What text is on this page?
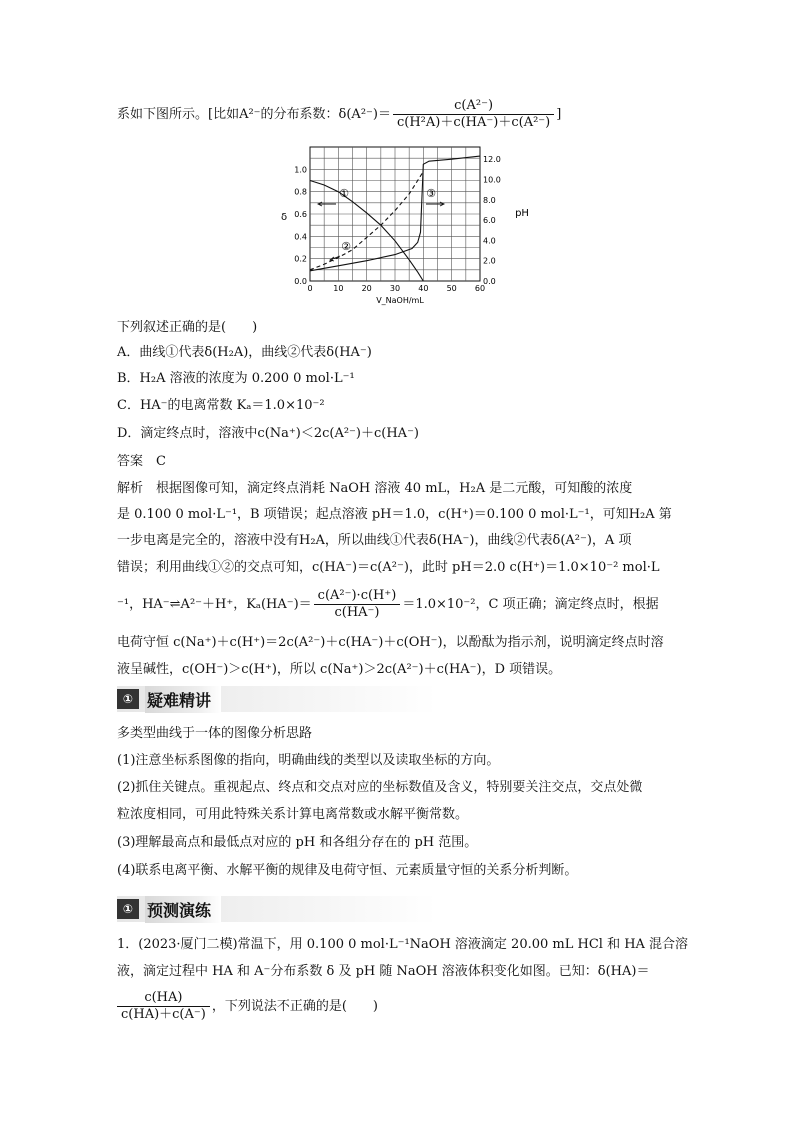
系如下图所示。[比如A²⁻的分布系数：$\delta(A^{2-})= \frac{\text{c(A²⁻)}}{\text{c(H²A)＋c(HA⁻)＋c(A²⁻)}}$ ]
0	10 20 30 40 50 60
0.0
0.2
0.4
0.6
0.8
1.0
0.0
2.0
4.0
6.0
8.0
10.0
12.0
δ	pH
V_NaOH/mL
①
②
③
下列叙述正确的是(　　)
A．曲线①代表δ(H₂A)，曲线②代表δ(HA⁻)
B．H₂A 溶液的浓度为 0.200 0 mol·L⁻¹
C．HA⁻的电离常数 Kₐ＝1.0×10⁻²
D．滴定终点时，溶液中c(Na⁺)＜2c(A²⁻)＋c(HA⁻)
答案　C
解析　根据图像可知，滴定终点消耗 NaOH 溶液 40 mL，H₂A 是二元酸，可知酸的浓度
是 0.100 0 mol·L⁻¹，B 项错误；起点溶液 pH＝1.0，c(H⁺)＝0.100 0 mol·L⁻¹，可知H₂A 第
一步电离是完全的，溶液中没有H₂A，所以曲线①代表δ(HA⁻)，曲线②代表δ(A²⁻)，A 项
错误；利用曲线①②的交点可知，c(HA⁻)＝c(A²⁻)，此时 pH＝2.0 c(H⁺)＝1.0×10⁻² mol·L
⁻¹，HA⁻⇌A²⁻＋H⁺，$K_a(HA^-)= \frac{\text{c(A²⁻)·c(H⁺)}}{c(HA^-)} =1.0\times 10^{-2}$，C 项正确；滴定终点时，根据
电荷守恒 c(Na⁺)＋c(H⁺)＝2c(A²⁻)＋c(HA⁻)＋c(OH⁻)，以酚酞为指示剂，说明滴定终点时溶
液呈碱性，c(OH⁻)＞c(H⁺)，所以 c(Na⁺)＞2c(A²⁻)＋c(HA⁻)，D 项错误。
① 疑难精讲
多类型曲线于一体的图像分析思路
(1)注意坐标系图像的指向，明确曲线的类型以及读取坐标的方向。
(2)抓住关键点。重视起点、终点和交点对应的坐标数值及含义，特别要关注交点，交点处微
粒浓度相同，可用此特殊关系计算电离常数或水解平衡常数。
(3)理解最高点和最低点对应的 pH 和各组分存在的 pH 范围。
(4)联系电离平衡、水解平衡的规律及电荷守恒、元素质量守恒的关系分析判断。
① 预测演练
1．(2023·厦门二模)常温下，用 0.100 0 mol·L⁻¹NaOH 溶液滴定 20.00 mL HCl 和 HA 混合溶
液，滴定过程中 HA 和 A⁻分布系数 δ 及 pH 随 NaOH 溶液体积变化如图。已知：δ(HA)＝
$\frac{c(HA)}{c(HA)+c(A^-)}$ ，下列说法不正确的是(　　)
